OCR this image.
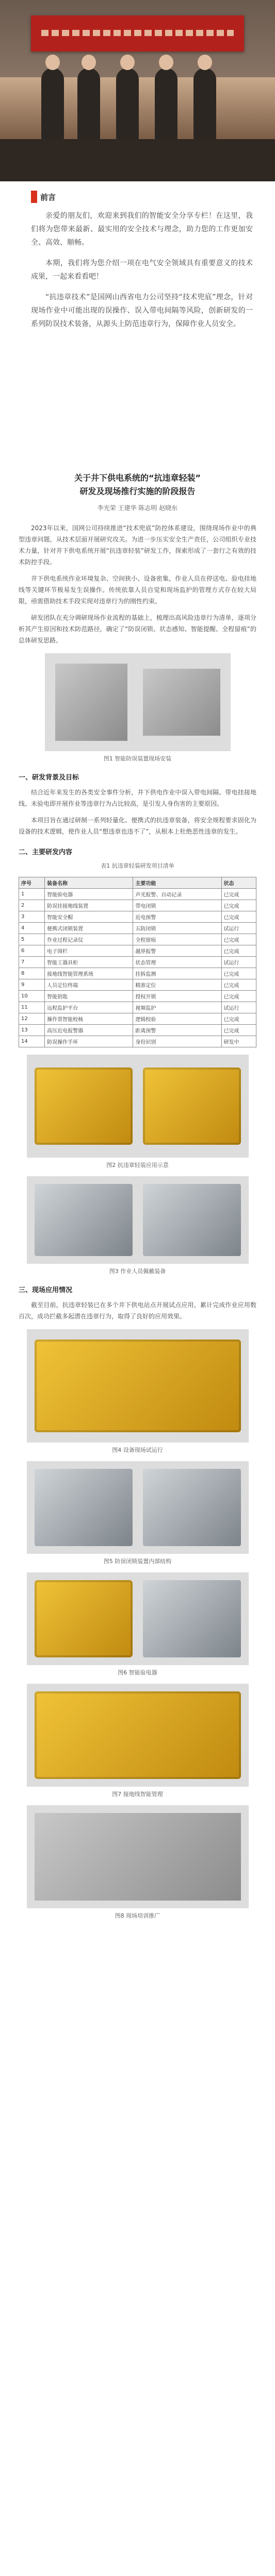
前言

亲爱的朋友们，欢迎来到我们的智能安全分享专栏！在这里，我们将为您带来最新、最实用的安全技术与理念，助力您的工作更加安全、高效、顺畅。

本期，我们将为您介绍一项在电气安全领域具有重要意义的技术成果，一起来看看吧！

“抗违章技术”是国网山西省电力公司坚持“技术兜底”理念，针对现场作业中可能出现的误操作、误入带电间隔等风险，创新研发的一系列防误技术装备，从源头上防范违章行为，保障作业人员安全。

关于井下供电系统的“抗违章轻装”
研发及现场推行实施的阶段报告
李光荣 王建华 陈志明 赵晓东

2023年以来，国网公司持续推进“技术兜底”防控体系建设，围绕现场作业中的典型违章问题，从技术层面开展研究攻关。为进一步压实安全生产责任，公司组织专业技术力量，针对井下供电系统开展“抗违章轻装”研发工作，探索形成了一套行之有效的技术防控手段。

井下供电系统作业环境复杂、空间狭小、设备密集，作业人员在停送电、验电挂地线等关键环节极易发生误操作。传统依靠人员自觉和现场监护的管理方式存在较大局限，亟需借助技术手段实现对违章行为的刚性约束。

研发团队在充分调研现场作业流程的基础上，梳理出高风险违章行为清单，逐项分析其产生原因和技术防范路径，确定了“防误闭锁、状态感知、智能提醒、全程留痕”的总体研发思路。

图1 智能防误装置现场安装
一、研发背景及目标

结合近年来发生的各类安全事件分析，井下供电作业中误入带电间隔、带电挂接地线、未验电即开展作业等违章行为占比较高，是引发人身伤害的主要原因。

本项目旨在通过研制一系列轻量化、便携式的抗违章装备，将安全规程要求固化为设备的技术逻辑，使作业人员“想违章也违不了”，从根本上杜绝恶性违章的发生。

二、主要研发内容
表1 抗违章轻装研发项目清单
序号	装备名称	主要功能	状态
1	智能验电器	声光报警、自动记录	已完成
2	防误挂接地线装置	带电闭锁	已完成
3	智能安全帽	近电预警	已完成
4	便携式闭锁装置	五防闭锁	试运行
5	作业过程记录仪	全程留痕	已完成
6	电子围栏	越界报警	已完成
7	智能工器具柜	状态管理	试运行
8	接地线智能管理系统	挂拆监测	已完成
9	人员定位终端	精准定位	已完成
10	智能钥匙	授权开锁	已完成
11	远程监护平台	视频监护	试运行
12	操作票智能校核	逻辑校验	已完成
13	高压近电报警器	距离预警	已完成
14	防误操作手环	身份识别	研发中
图2 抗违章轻装应用示意
图3 作业人员佩戴装备
三、现场应用情况

截至目前，抗违章轻装已在多个井下供电站点开展试点应用，累计完成作业应用数百次，成功拦截多起潜在违章行为，取得了良好的应用效果。

图4 设备现场试运行
图5 防误闭锁装置内部结构
图6 智能验电器
图7 接地线智能管理
图8 现场培训推广
